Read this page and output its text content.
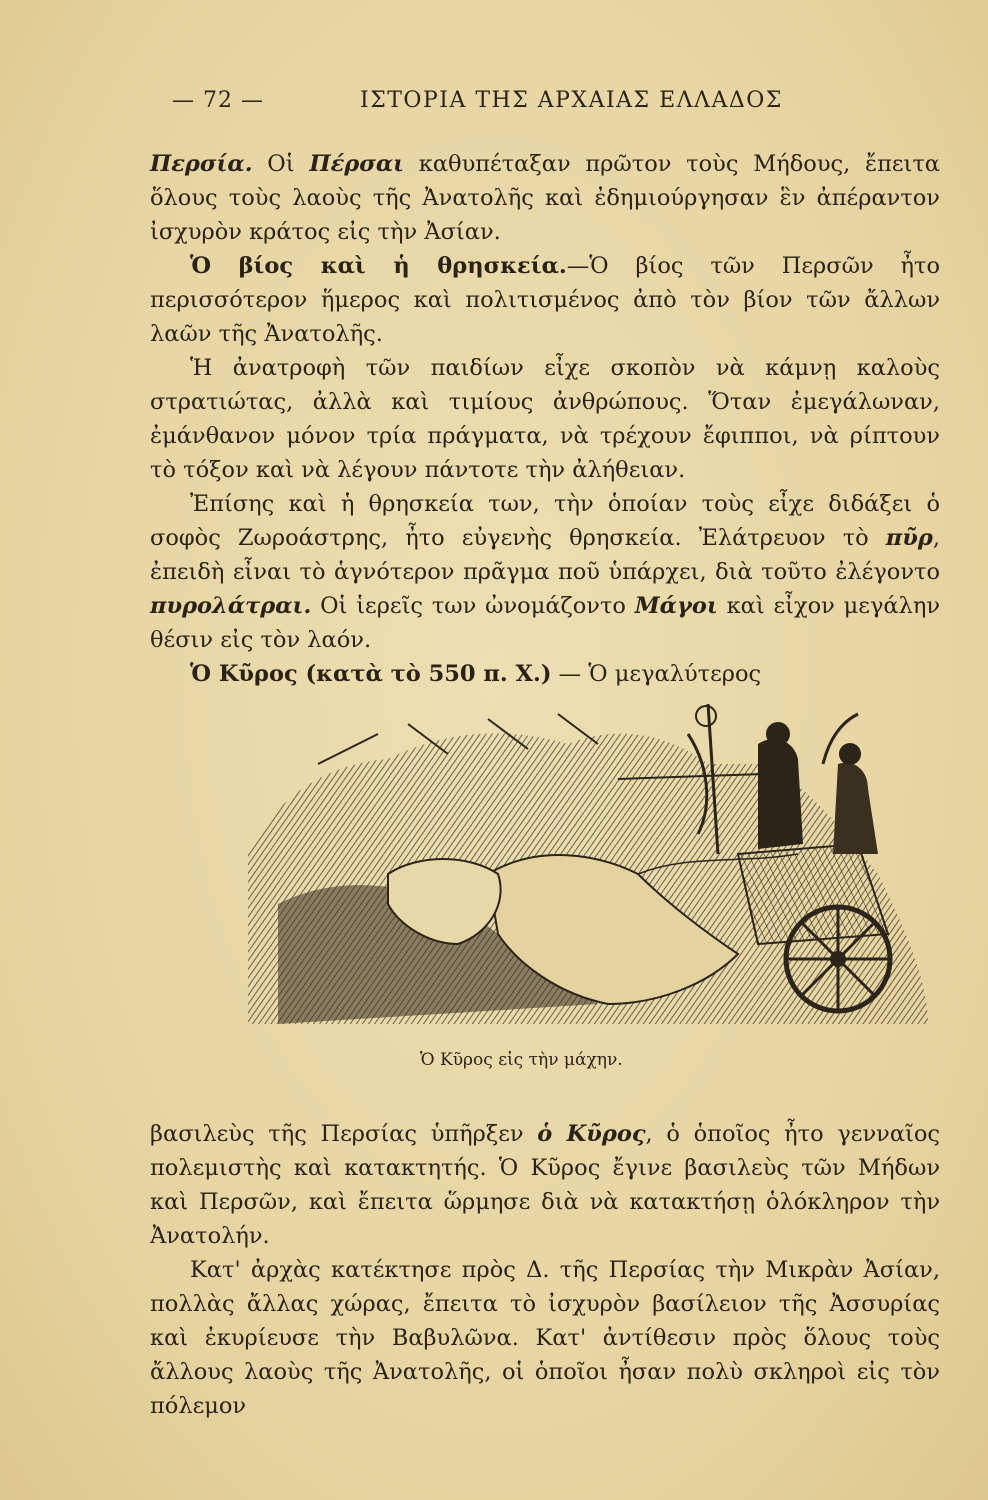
— 72 —	ΙΣΤΟΡΙΑ ΤΗΣ ΑΡΧΑΙΑΣ ΕΛΛΑΔΟΣ

Περσία. Οἱ Πέρσαι καθυπέταξαν πρῶτον τοὺς Μήδους, ἔπειτα ὅλους τοὺς λαοὺς τῆς Ἀνατολῆς καὶ ἐδημιούργησαν ἓν ἀπέραντον ἰσχυρὸν κράτος εἰς τὴν Ἀσίαν.

Ὁ βίος καὶ ἡ θρησκεία.—Ὁ βίος τῶν Περσῶν ἦτο περισσότερον ἥμερος καὶ πολιτισμένος ἀπὸ τὸν βίον τῶν ἄλλων λαῶν τῆς Ἀνατολῆς.

Ἡ ἀνατροφὴ τῶν παιδίων εἶχε σκοπὸν νὰ κάμνῃ καλοὺς στρατιώτας, ἀλλὰ καὶ τιμίους ἀνθρώπους. Ὅταν ἐμεγάλωναν, ἐμάνθανον μόνον τρία πράγματα, νὰ τρέχουν ἔφιπποι, νὰ ρίπτουν τὸ τόξον καὶ νὰ λέγουν πάντοτε τὴν ἀλήθειαν.

Ἐπίσης καὶ ἡ θρησκεία των, τὴν ὁποίαν τοὺς εἶχε διδάξει ὁ σοφὸς Ζωροάστρης, ἦτο εὐγενὴς θρησκεία. Ἐλάτρευον τὸ πῦρ, ἐπειδὴ εἶναι τὸ ἁγνότερον πρᾶγμα ποῦ ὑπάρχει, διὰ τοῦτο ἐλέγοντο πυρολάτραι. Οἱ ἱερεῖς των ὠνομάζοντο Μάγοι καὶ εἶχον μεγάλην θέσιν εἰς τὸν λαόν.

Ὁ Κῦρος (κατὰ τὸ 550 π. Χ.) — Ὁ μεγαλύτερος

Ὁ Κῦρος εἰς τὴν μάχην.

βασιλεὺς τῆς Περσίας ὑπῆρξεν ὁ Κῦρος, ὁ ὁποῖος ἦτο γενναῖος πολεμιστὴς καὶ κατακτητής. Ὁ Κῦρος ἔγινε βασιλεὺς τῶν Μήδων καὶ Περσῶν, καὶ ἔπειτα ὥρμησε διὰ νὰ κατακτήσῃ ὁλόκληρον τὴν Ἀνατολήν.

Κατ' ἀρχὰς κατέκτησε πρὸς Δ. τῆς Περσίας τὴν Μικρὰν Ἀσίαν, πολλὰς ἄλλας χώρας, ἔπειτα τὸ ἰσχυρὸν βασίλειον τῆς Ἀσσυρίας καὶ ἐκυρίευσε τὴν Βαβυλῶνα. Κατ' ἀντίθεσιν πρὸς ὅλους τοὺς ἄλλους λαοὺς τῆς Ἀνατολῆς, οἱ ὁποῖοι ἦσαν πολὺ σκληροὶ εἰς τὸν πόλεμον
